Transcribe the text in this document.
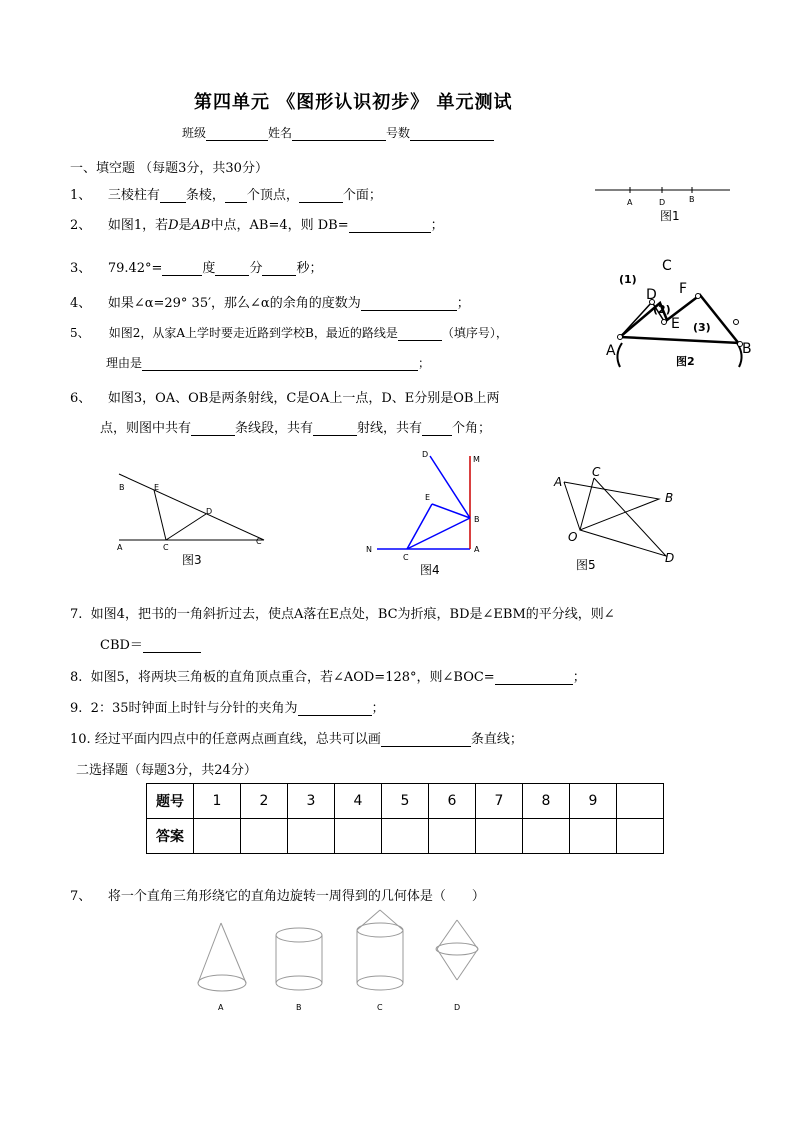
第四单元 《图形认识初步》 单元测试
班级	姓名	号数
一、填空题 （每题3分，共30分）
1、 三棱柱有 条棱， 个顶点，	个面；
2、 如图1，若D是AB中点，AB=4，则 DB=	；
3、 79.42°=	度	分	秒；
4、 如果∠α=29° 35′，那么∠α的余角的度数为	；
5、 如图2，从家A上学时要走近路到学校B，最近的路线是	（填序号），
理由是	；
6、 如图3，OA、OB是两条射线，C是OA上一点，D、E分别是OB上两
点，则图中共有	条线段，共有	射线，共有 个角；
A	D	B
图1
C
(1)
D F
(2)
E (3)
A	B
图2
B	E
D
A	C
C
图3
D
M
E
B
N
C
A
图4
A
C
B
O
D
图5
7. 如图4，把书的一角斜折过去，使点A落在E点处，BC为折痕，BD是∠EBM的平分线，则∠
CBD＝
8. 如图5，将两块三角板的直角顶点重合，若∠AOD=128°，则∠BOC=	；
9. 2：35时钟面上时针与分针的夹角为	；
10. 经过平面内四点中的任意两点画直线，总共可以画	条直线；
二选择题（每题3分，共24分）
题号	1	2	3	4	5	6	7	8	9	
答案										
7、 将一个直角三角形绕它的直角边旋转一周得到的几何体是（　　）
A	B	C	D
